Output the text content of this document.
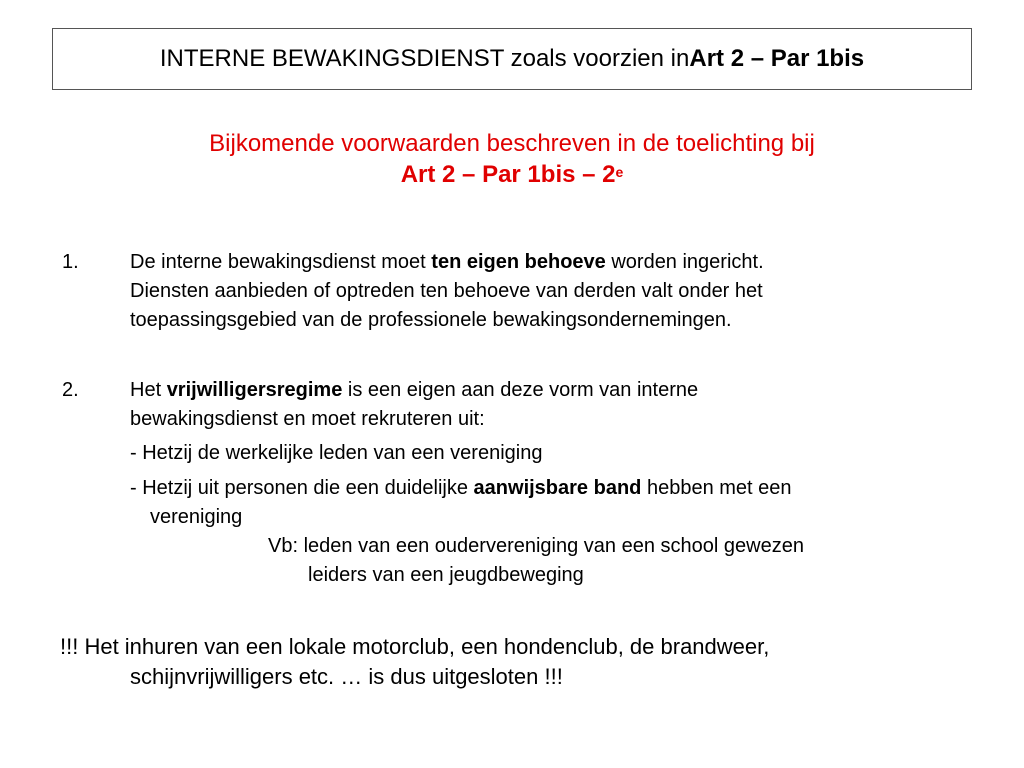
INTERNE BEWAKINGSDIENST zoals voorzien in Art 2 – Par 1bis
Bijkomende voorwaarden beschreven in de toelichting bij
Art 2 – Par 1bis – 2e
1.	De interne bewakingsdienst moet ten eigen behoeve worden ingericht.
Diensten aanbieden of optreden ten behoeve van derden valt onder het
toepassingsgebied van de professionele bewakingsondernemingen.
2.	Het vrijwilligersregime is een eigen aan deze vorm van interne
bewakingsdienst en moet rekruteren uit:
- Hetzij de werkelijke leden van een vereniging
- Hetzij uit personen die een duidelijke aanwijsbare band hebben met een
vereniging
Vb: leden van een oudervereniging van een school gewezen
leiders van een jeugdbeweging
!!! Het inhuren van een lokale motorclub, een hondenclub, de brandweer,
schijnvrijwilligers etc. … is dus uitgesloten !!!
